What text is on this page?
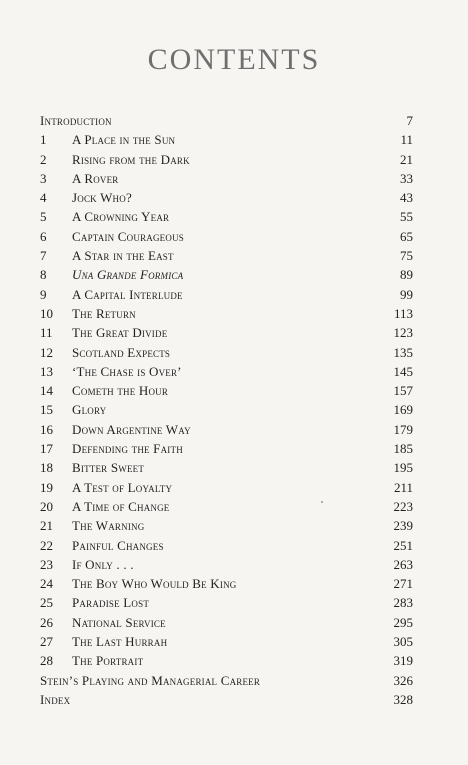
CONTENTS
Introduction	7
1	A Place in the Sun	11
2	Rising from the Dark	21
3	A Rover	33
4	Jock Who?	43
5	A Crowning Year	55
6	Captain Courageous	65
7	A Star in the East	75
8	Una Grande Formica	89
9	A Capital Interlude	99
10	The Return	113
11	The Great Divide	123
12	Scotland Expects	135
13	‘The Chase is Over’	145
14	Cometh the Hour	157
15	Glory	169
16	Down Argentine Way	179
17	Defending the Faith	185
18	Bitter Sweet	195
19	A Test of Loyalty	211
20	A Time of Change	223
21	The Warning	239
22	Painful Changes	251
23	If Only . . .	263
24	The Boy Who Would Be King	271
25	Paradise Lost	283
26	National Service	295
27	The Last Hurrah	305
28	The Portrait	319
Stein’s Playing and Managerial Career	326
Index	328
